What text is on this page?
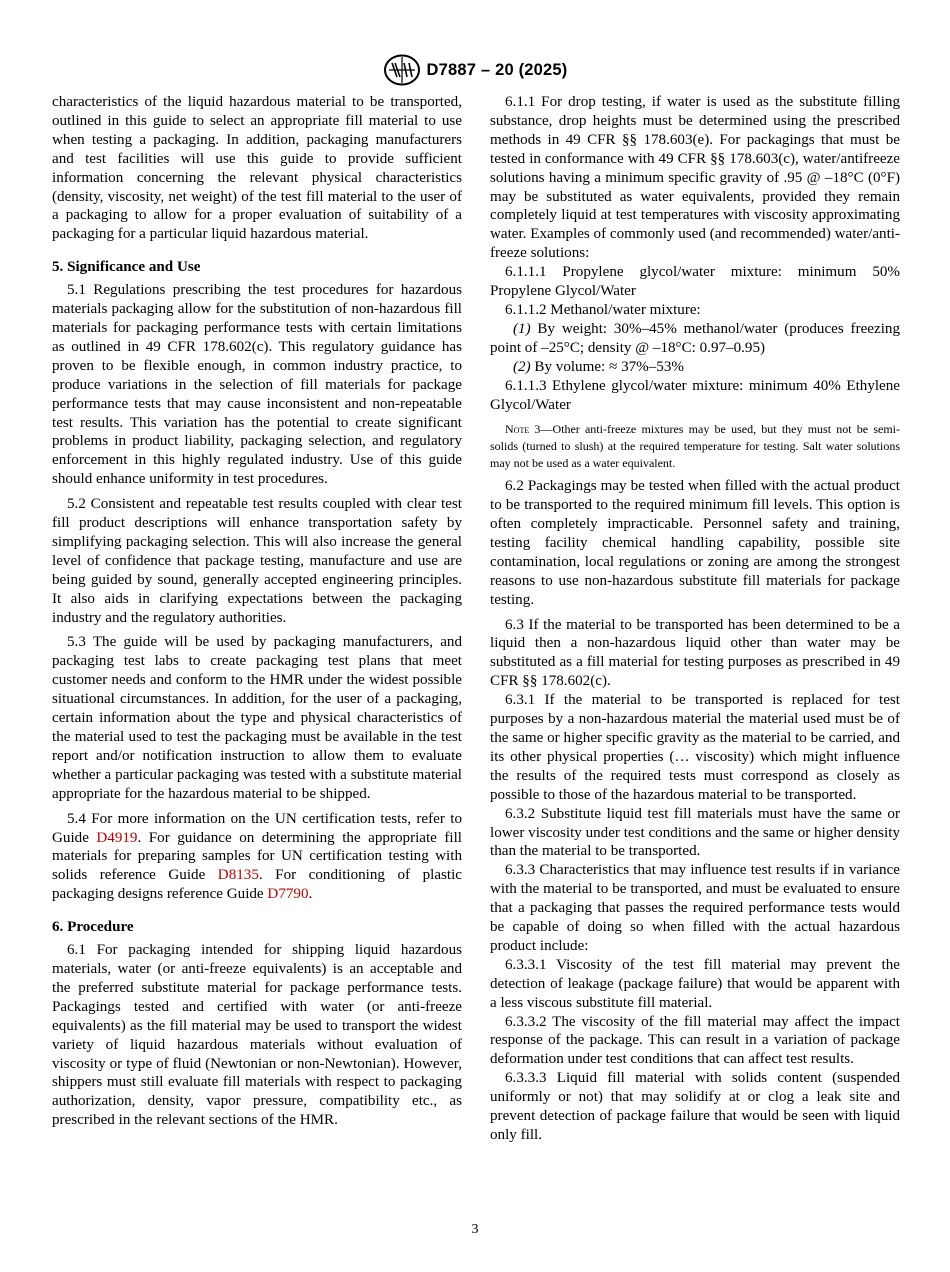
D7887 – 20 (2025)

characteristics of the liquid hazardous material to be transported, outlined in this guide to select an appropriate fill material to use when testing a packaging. In addition, packaging manufacturers and test facilities will use this guide to provide sufficient information concerning the relevant physical characteristics (density, viscosity, net weight) of the test fill material to the user of a packaging to allow for a proper evaluation of suitability of a packaging for a particular liquid hazardous material.

5. Significance and Use

5.1 Regulations prescribing the test procedures for hazardous materials packaging allow for the substitution of non-hazardous fill materials for packaging performance tests with certain limitations as outlined in 49 CFR 178.602(c). This regulatory guidance has proven to be flexible enough, in common industry practice, to produce variations in the selection of fill materials for package performance tests that may cause inconsistent and non-repeatable test results. This variation has the potential to create significant problems in product liability, packaging selection, and regulatory enforcement in this highly regulated industry. Use of this guide should enhance uniformity in test procedures.

5.2 Consistent and repeatable test results coupled with clear test fill product descriptions will enhance transportation safety by simplifying packaging selection. This will also increase the general level of confidence that package testing, manufacture and use are being guided by sound, generally accepted engineering principles. It also aids in clarifying expectations between the packaging industry and the regulatory authorities.

5.3 The guide will be used by packaging manufacturers, and packaging test labs to create packaging test plans that meet customer needs and conform to the HMR under the widest possible situational circumstances. In addition, for the user of a packaging, certain information about the type and physical characteristics of the material used to test the packaging must be available in the test report and/or notification instruction to allow them to evaluate whether a particular packaging was tested with a substitute material appropriate for the hazardous material to be shipped.

5.4 For more information on the UN certification tests, refer to Guide D4919. For guidance on determining the appropriate fill materials for preparing samples for UN certification testing with solids reference Guide D8135. For conditioning of plastic packaging designs reference Guide D7790.

6. Procedure

6.1 For packaging intended for shipping liquid hazardous materials, water (or anti-freeze equivalents) is an acceptable and the preferred substitute material for package performance tests. Packagings tested and certified with water (or anti-freeze equivalents) as the fill material may be used to transport the widest variety of liquid hazardous materials without evaluation of viscosity or type of fluid (Newtonian or non-Newtonian). However, shippers must still evaluate fill materials with respect to packaging authorization, density, vapor pressure, compatibility etc., as prescribed in the relevant sections of the HMR.

6.1.1 For drop testing, if water is used as the substitute filling substance, drop heights must be determined using the prescribed methods in 49 CFR §§ 178.603(e). For packagings that must be tested in conformance with 49 CFR §§ 178.603(c), water/antifreeze solutions having a minimum specific gravity of .95 @ –18°C (0°F) may be substituted as water equivalents, provided they remain completely liquid at test temperatures with viscosity approximating water. Examples of commonly used (and recommended) water/anti-freeze solutions:

6.1.1.1 Propylene glycol/water mixture: minimum 50% Propylene Glycol/Water

6.1.1.2 Methanol/water mixture:

(1) By weight: 30%–45% methanol/water (produces freezing point of –25°C; density @ –18°C: 0.97–0.95)

(2) By volume: ≈ 37%–53%

6.1.1.3 Ethylene glycol/water mixture: minimum 40% Ethylene Glycol/Water

Note 3—Other anti-freeze mixtures may be used, but they must not be semi-solids (turned to slush) at the required temperature for testing. Salt water solutions may not be used as a water equivalent.

6.2 Packagings may be tested when filled with the actual product to be transported to the required minimum fill levels. This option is often completely impracticable. Personnel safety and training, testing facility chemical handling capability, possible site contamination, local regulations or zoning are among the strongest reasons to use non-hazardous substitute fill materials for package testing.

6.3 If the material to be transported has been determined to be a liquid then a non-hazardous liquid other than water may be substituted as a fill material for testing purposes as prescribed in 49 CFR §§ 178.602(c).

6.3.1 If the material to be transported is replaced for test purposes by a non-hazardous material the material used must be of the same or higher specific gravity as the material to be carried, and its other physical properties (… viscosity) which might influence the results of the required tests must correspond as closely as possible to those of the hazardous material to be transported.

6.3.2 Substitute liquid test fill materials must have the same or lower viscosity under test conditions and the same or higher density than the material to be transported.

6.3.3 Characteristics that may influence test results if in variance with the material to be transported, and must be evaluated to ensure that a packaging that passes the required performance tests would be capable of doing so when filled with the actual hazardous product include:

6.3.3.1 Viscosity of the test fill material may prevent the detection of leakage (package failure) that would be apparent with a less viscous substitute fill material.

6.3.3.2 The viscosity of the fill material may affect the impact response of the package. This can result in a variation of package deformation under test conditions that can affect test results.

6.3.3.3 Liquid fill material with solids content (suspended uniformly or not) that may solidify at or clog a leak site and prevent detection of package failure that would be seen with liquid only fill.

3
